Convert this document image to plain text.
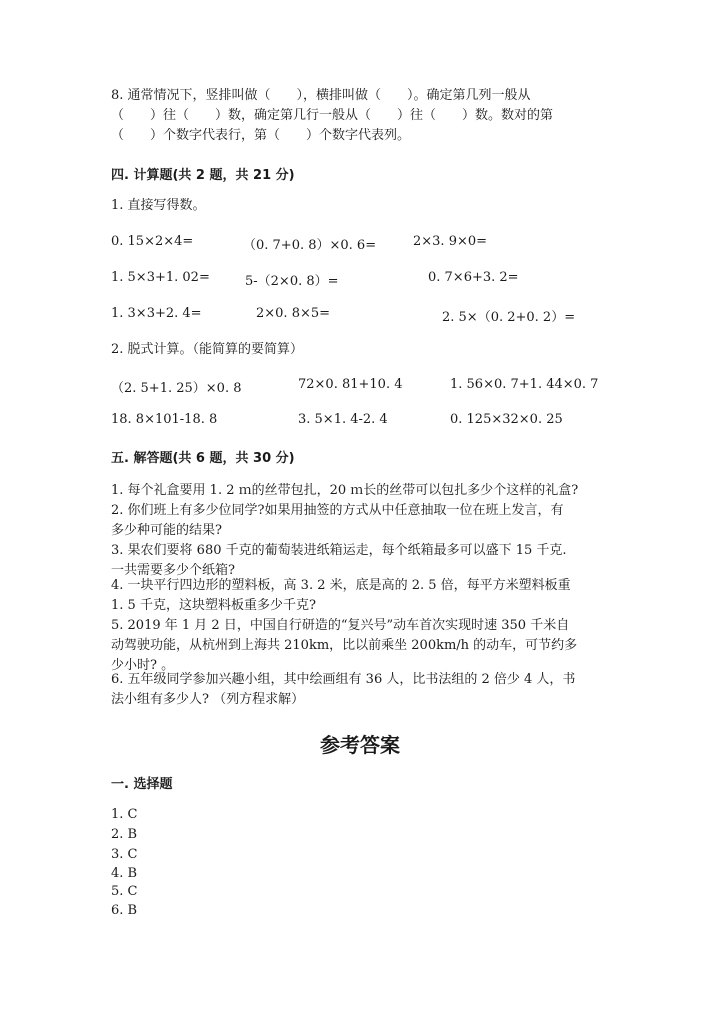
8. 通常情况下，竖排叫做（　　），横排叫做（　　）。确定第几列一般从
（　　）往（　　）数，确定第几行一般从（　　）往（　　）数。数对的第
（　　）个数字代表行，第（　　）个数字代表列。
四. 计算题(共 2 题，共 21 分)
1. 直接写得数。
0. 15×2×4=	（0. 7+0. 8）×0. 6=	2×3. 9×0=
1. 5×3+1. 02=	5-（2×0. 8）=	0. 7×6+3. 2=
1. 3×3+2. 4=	2×0. 8×5=	2. 5×（0. 2+0. 2）=
2. 脱式计算。（能简算的要简算）
（2. 5+1. 25）×0. 8	72×0. 81+10. 4	1. 56×0. 7+1. 44×0. 7
18. 8×101-18. 8	3. 5×1. 4-2. 4	0. 125×32×0. 25
五. 解答题(共 6 题，共 30 分)
1. 每个礼盒要用 1. 2 ｍ的丝带包扎，20 ｍ长的丝带可以包扎多少个这样的礼盒?
2. 你们班上有多少位同学?如果用抽签的方式从中任意抽取一位在班上发言，有
多少种可能的结果?
3. 果农们要将 680 千克的葡萄装进纸箱运走，每个纸箱最多可以盛下 15 千克.
一共需要多少个纸箱?
4. 一块平行四边形的塑料板，高 3. 2 米，底是高的 2. 5 倍，每平方米塑料板重
1. 5 千克，这块塑料板重多少千克?
5. 2019 年 1 月 2 日，中国自行研造的“复兴号”动车首次实现时速 350 千米自
动驾驶功能，从杭州到上海共 210km，比以前乘坐 200km/h 的动车，可节约多
少小时? 。
6. 五年级同学参加兴趣小组，其中绘画组有 36 人，比书法组的 2 倍少 4 人，书
法小组有多少人? （列方程求解）
参考答案
一. 选择题
1. C
2. B
3. C
4. B
5. C
6. B
